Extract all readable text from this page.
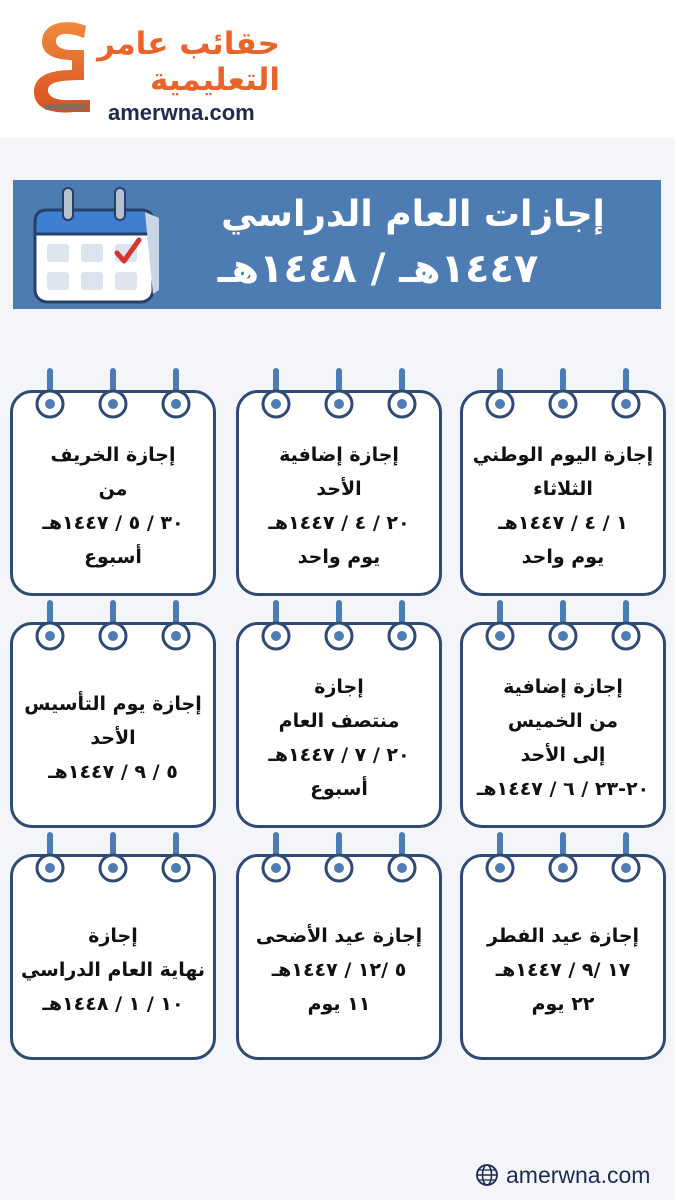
حقائب عامر
التعليمية
amerwna.com
إجازات العام الدراسي
١٤٤٧هـ / ١٤٤٨هـ
إجازة اليوم الوطني
الثلاثاء
١ / ٤ / ١٤٤٧هـ
يوم واحد
إجازة إضافية
الأحد
٢٠ / ٤ / ١٤٤٧هـ
يوم واحد
إجازة الخريف
من
٣٠ / ٥ / ١٤٤٧هـ
أسبوع
إجازة إضافية
من الخميس
إلى الأحد
٢٠-٢٣ / ٦ / ١٤٤٧هـ
إجازة
منتصف العام
٢٠ / ٧ / ١٤٤٧هـ
أسبوع
إجازة يوم التأسيس
الأحد
٥ / ٩ / ١٤٤٧هـ
إجازة عيد الفطر
١٧ /٩ / ١٤٤٧هـ
٢٢ يوم
إجازة عيد الأضحى
٥ /١٢ / ١٤٤٧هـ
١١ يوم
إجازة
نهاية العام الدراسي
١٠ / ١ / ١٤٤٨هـ
amerwna.com
